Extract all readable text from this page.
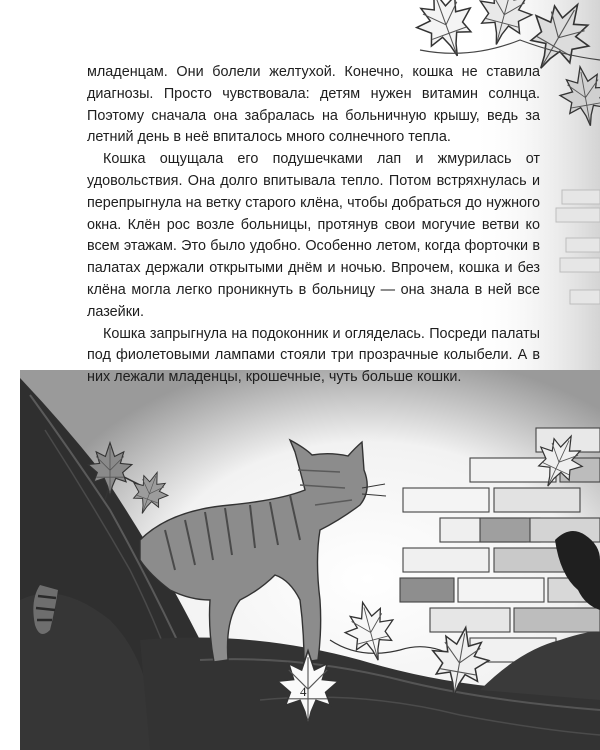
младенцам. Они болели желтухой. Конечно, кошка не ставила диагнозы. Просто чувствовала: детям нужен витамин солнца. Поэтому сначала она забралась на больничную крышу, ведь за летний день в неё впиталось много солнечного тепла.

Кошка ощущала его подушечками лап и жмурилась от удовольствия. Она долго впитывала тепло. Потом встряхнулась и перепрыгнула на ветку старого клёна, чтобы добраться до нужного окна. Клён рос возле больницы, протянув свои могучие ветви ко всем этажам. Это было удобно. Особенно летом, когда форточки в палатах держали открытыми днём и ночью. Впрочем, кошка и без клёна могла легко проникнуть в больницу — она знала в ней все лазейки.

Кошка запрыгнула на подоконник и огляделась. Посреди палаты под фиолетовыми лампами стояли три прозрачные колыбели. А в них лежали младенцы, крошечные, чуть больше кошки.

4
